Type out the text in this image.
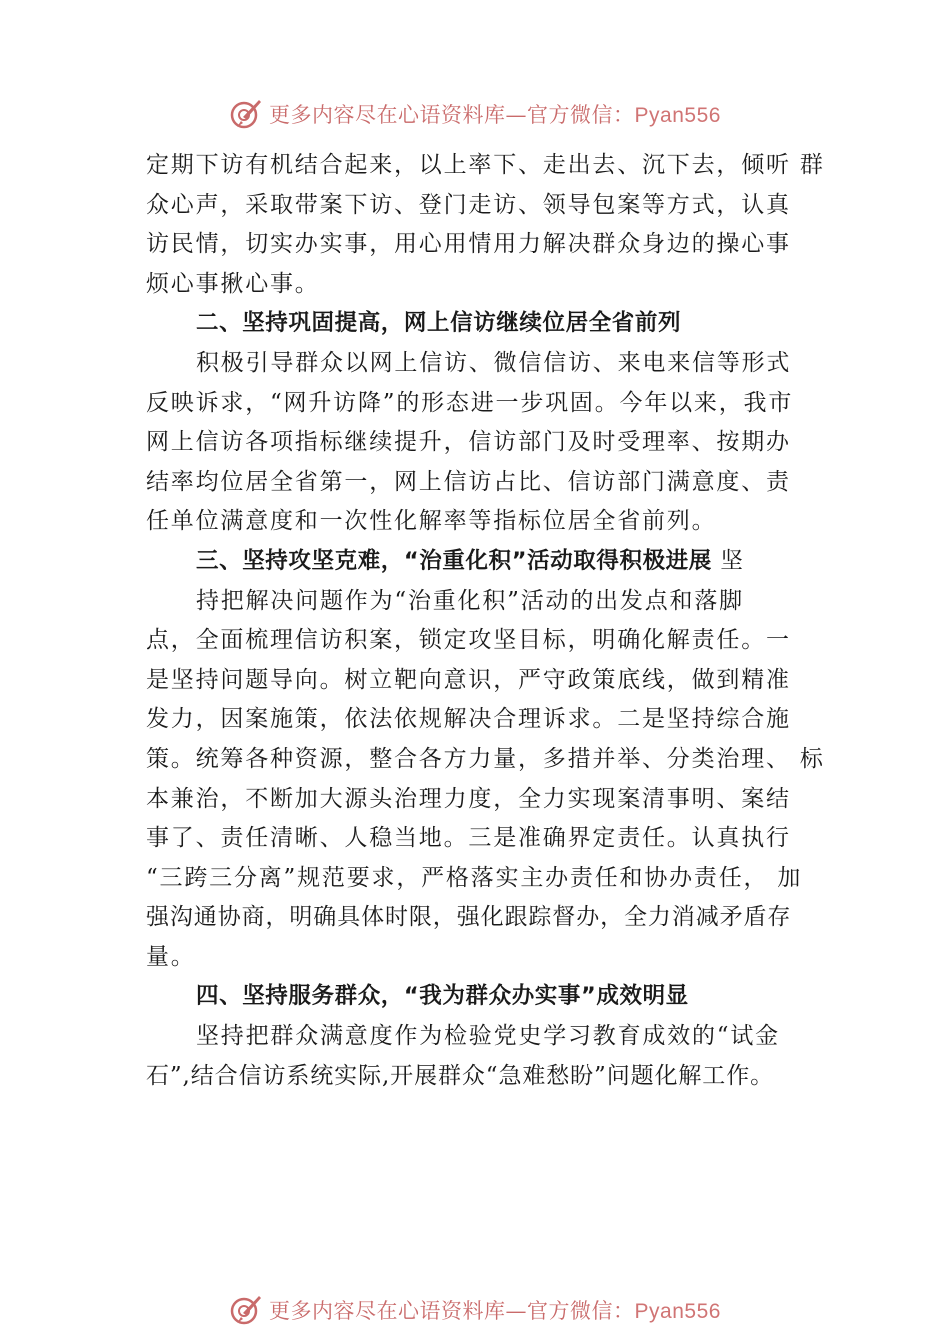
更多内容尽在心语资料库—官方微信：Pyan556
定期下访有机结合起来，以上率下、走出去、沉下去，倾听 群
众心声，采取带案下访、登门走访、领导包案等方式，认真
访民情，切实办实事，用心用情用力解决群众身边的操心事
烦心事揪心事。
二、坚持巩固提高，网上信访继续位居全省前列
积极引导群众以网上信访、微信信访、来电来信等形式
反映诉求，“网升访降”的形态进一步巩固。今年以来，我市
网上信访各项指标继续提升，信访部门及时受理率、按期办
结率均位居全省第一，网上信访占比、信访部门满意度、责
任单位满意度和一次性化解率等指标位居全省前列。
三、坚持攻坚克难，“治重化积”活动取得积极进展 坚
持把解决问题作为“治重化积”活动的出发点和落脚
点，全面梳理信访积案，锁定攻坚目标，明确化解责任。一
是坚持问题导向。树立靶向意识，严守政策底线，做到精准
发力，因案施策，依法依规解决合理诉求。二是坚持综合施
策。统筹各种资源，整合各方力量，多措并举、分类治理、 标
本兼治，不断加大源头治理力度，全力实现案清事明、案结
事了、责任清晰、人稳当地。三是准确界定责任。认真执行
“三跨三分离”规范要求，严格落实主办责任和协办责任， 加
强沟通协商，明确具体时限，强化跟踪督办，全力消减矛盾存
量。
四、坚持服务群众，“我为群众办实事”成效明显
坚持把群众满意度作为检验党史学习教育成效的“试金
石”,结合信访系统实际,开展群众“急难愁盼”问题化解工作。
更多内容尽在心语资料库—官方微信：Pyan556
